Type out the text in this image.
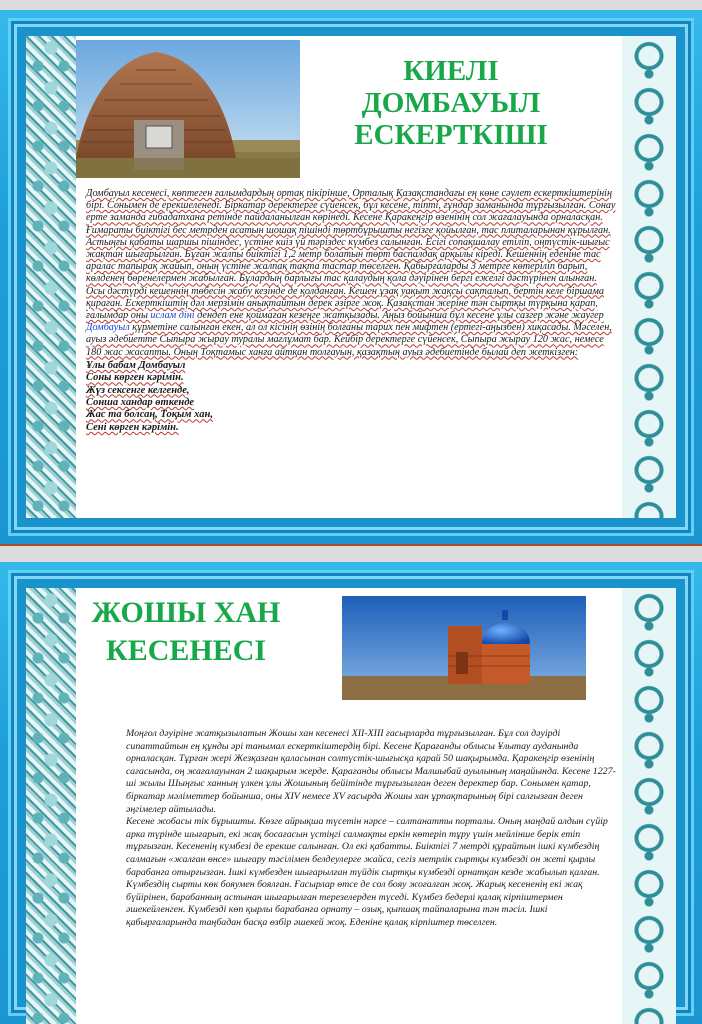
КИЕЛІ ДОМБАУЫЛ
ЕСКЕРТКІШІ
Домбауыл кесенесі, көптеген ғалымдардың ортақ пікірінше, Орталық Қазақстандағы ең көне сәулет ескерткіштерінің бірі. Сонымен де ерекшеленеді. Біркатар деректерге сүйенсек, бұл кесене, тіпті, ғұндар заманында тұрғызылған. Сонау ерте заманда ғибадатхана ретінде пайдаланылған көрінеді. Кесене Қаракеңгір өзенінің сол жағалауында орналасқан. Ғимараты биіктігі бес метрден асатын шошақ пішінді төртбұрышты негізге қойылған, тас плиталарынан құрылған. Астыңғы қабаты шаршы пішіндес, үстіне киіз үй тәріздес күмбез салынған. Есігі сопақшалау етіліп, оңтүстік-шығыс жақтан шығарылған. Бұған жалпы биіктігі 1,2 метр болатын төрт баспалдақ арқылы кіреді. Кешеннің еденіне тас аралас тапырақ жайып, оның үстіне жалпақ тақта тастар төселген. Қабырғаларды 3 метрге көтеріліп барып, көлденең бөренелермен жабылған. Бұлардың барлығы тас қалаудың қола дәуірінен бергі ежелгі дәстүрінен алынған. Осы дәстүрді кешеннің төбесін жабу кезінде де қолданған. Кешен ұзақ уақыт жақсы сақталып, бертін келе біршама қираған. Ескерткіштің дәл мерзімін анықтайтын дерек әзірге жоқ. Қазақстан жеріне тән сыртқы түрқына қарап, ғалымдар оны ислам діні дендеп ене қоймаған кезеңге жатқызады. Аңыз бойынша бұл кесене ұлы сазгер және жаугер Домбауыл құрметіне салынған екен, ал ол кісінің өзінің болғаны тарих пен мифтен (ертегі-аңызбен) хиқасады. Мәселен, ауыз әдебиетте Сыпыра жырау туралы мағлұмат бар. Кейбір деректерге сүйенсек, Сыпыра жырау 120 жас, немесе 180 жас жасапты. Оның Тоқтамыс ханға айтқан толғауын, қазақтың ауыз әдебиетінде былай деп жеткізген:
Ұлы бабам Домбауыл
Соны көрген кәрімін.
Жүз сексенге келгенде,
Сонша хандар өткенде
Жас та болсаң, Тоқым хан,
Сені көрген кәрімін.
ЖОШЫ ХАН
КЕСЕНЕСІ

Моңғол дәуіріне жатқызылатын Жошы хан кесенесі XII-XIII ғасырларда тұрғызылған. Бұл сол дәуірді сипаттайтын ең құнды әрі танымал ескерткіштердің бірі. Кесене Қарағанды облысы Ұлытау ауданында орналасқан. Тұрған жері Жезқазған қаласынан солтүстік-шығысқа қарай 50 шақырымда. Қаракеңгір өзенінің сағасында, оң жағалауынан 2 шақырым жерде. Қарағанды облысы Малшыбай ауылының маңайында. Кесене 1227-ші жылы Шыңғыс ханның үлкен ұлы Жошының бейітінде тұрғызылған деген деректер бар. Сонымен қатар, біркатар мәліметтер бойынша, оны XIV немесе XV ғасырда Жошы хан ұрпақтарының бірі салғызған деген әңгімелер айтылады.

Кесене жобасы тік бұрышты. Көзге айрықша түсетін нәрсе – салтанатты порталы. Оның маңдай алдын сүйір арка түрінде шығарып, екі жақ босағасын үстіңгі салмақты еркін көтеріп тұру үшін мейлінше берік етіп тұрғызған. Кесененің күмбезі де ерекше салынған. Ол екі қабатты. Биіктігі 7 метрді құрайтын ішкі күмбездің салмағын «жалған өнсе» шығару тәсілімен белдеулерге жайса, сегіз метрлік сыртқы күмбезді он жеті қырлы барабанға отырғызған. Ішкі күмбезден шығарылған түйдік сыртқы күмбезді орнатқан кезде жабылып қалған. Күмбездің сырты көк бояумен боялған. Ғасырлар өтсе де сол бояу жоғалған жоқ. Жарық кесененің екі жақ бүйірінен, барабанның астынан шығарылған терезелерден түседі. Күмбез бедерлі қалақ кірпіштермен әшекейленген. Күмбезді көп қырлы барабанға орнату – озық, қыпшақ тайпаларына тән тәсіл. Ішкі қабырғаларында таңбадан басқа өзбір әшекей жоқ. Еденіне қалақ кірпіштер төселген.
